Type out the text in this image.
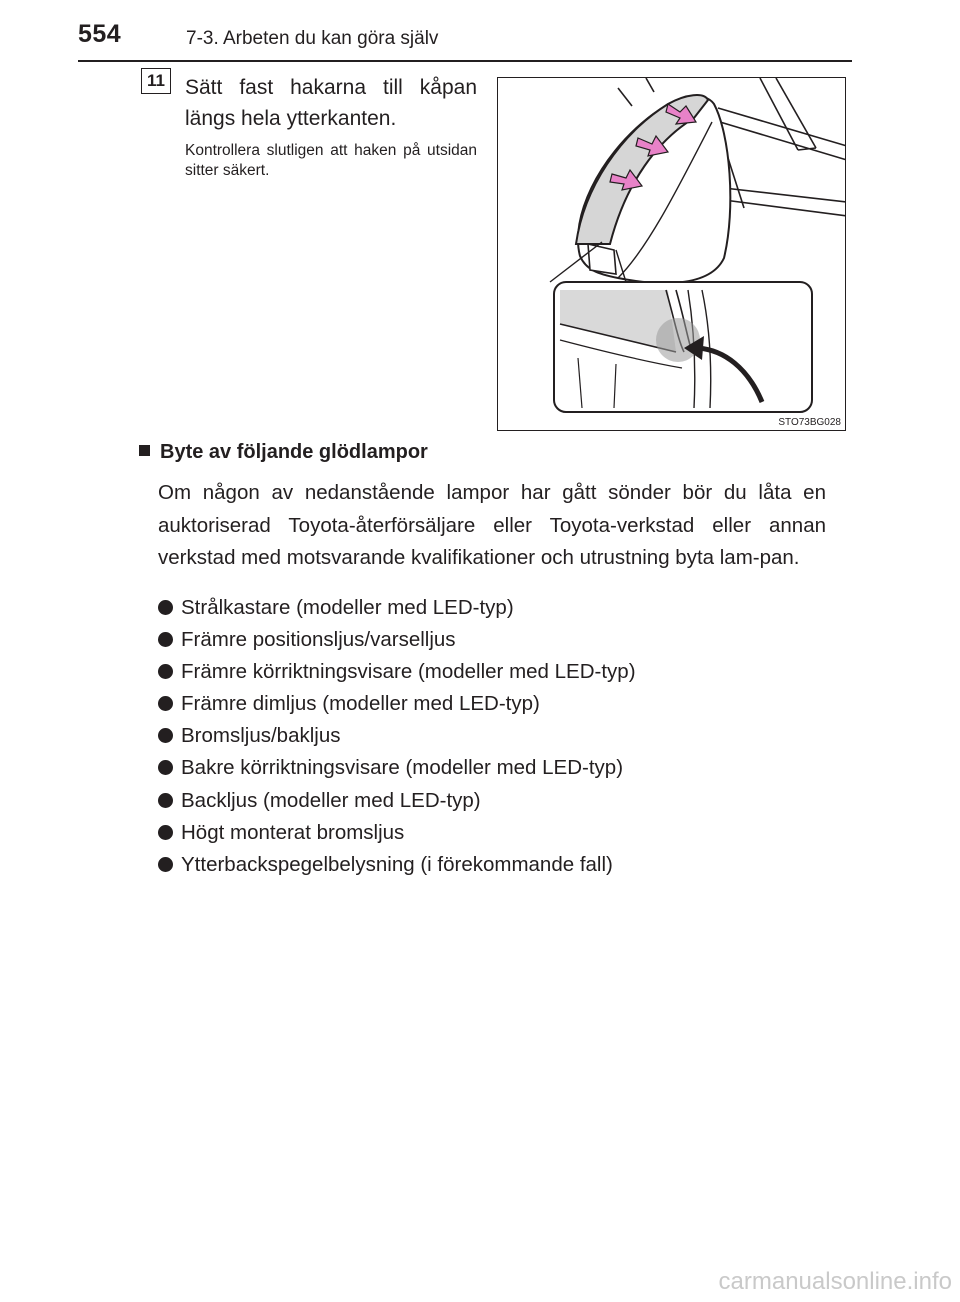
554	7-3. Arbeten du kan göra själv
11 Sätt fast hakarna till kåpan längs hela ytterkanten.
Kontrollera slutligen att haken på utsidan sitter säkert.
STO73BG028
Byte av följande glödlampor
Om någon av nedanstående lampor har gått sönder bör du låta en auktoriserad Toyota-återförsäljare eller Toyota-verkstad eller annan verkstad med motsvarande kvalifikationer och utrustning byta lam-pan.
Strålkastare (modeller med LED-typ)
Främre positionsljus/varselljus
Främre körriktningsvisare (modeller med LED-typ)
Främre dimljus (modeller med LED-typ)
Bromsljus/bakljus
Bakre körriktningsvisare (modeller med LED-typ)
Backljus (modeller med LED-typ)
Högt monterat bromsljus
Ytterbackspegelbelysning (i förekommande fall)
carmanualsonline.info
